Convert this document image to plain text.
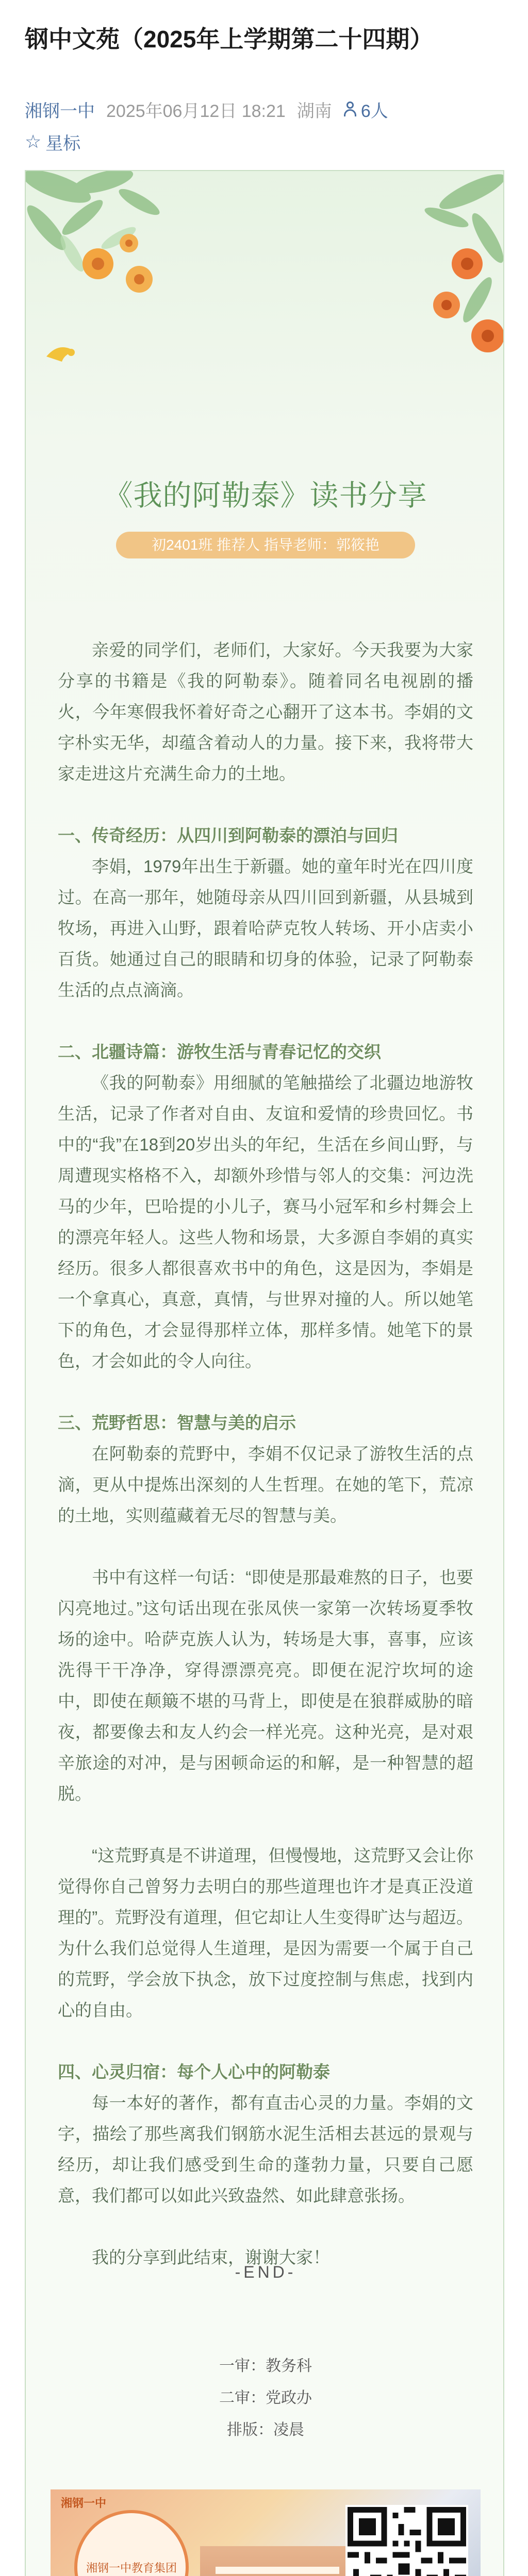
钢中文苑（2025年上学期第二十四期）
湘钢一中 2025年06月12日 18:21 湖南 6人
☆ 星标
《我的阿勒泰》读书分享
初2401班 推荐人 指导老师：郭筱艳

亲爱的同学们，老师们，大家好。今天我要为大家分享的书籍是《我的阿勒泰》。随着同名电视剧的播火，今年寒假我怀着好奇之心翻开了这本书。李娟的文字朴实无华，却蕴含着动人的力量。接下来，我将带大家走进这片充满生命力的土地。

一、传奇经历：从四川到阿勒泰的漂泊与回归

李娟，1979年出生于新疆。她的童年时光在四川度过。在高一那年，她随母亲从四川回到新疆，从县城到牧场，再进入山野，跟着哈萨克牧人转场、开小店卖小百货。她通过自己的眼睛和切身的体验，记录了阿勒泰生活的点点滴滴。

二、北疆诗篇：游牧生活与青春记忆的交织

《我的阿勒泰》用细腻的笔触描绘了北疆边地游牧生活，记录了作者对自由、友谊和爱情的珍贵回忆。书中的“我”在18到20岁出头的年纪，生活在乡间山野，与周遭现实格格不入，却额外珍惜与邻人的交集：河边洗马的少年，巴哈提的小儿子，赛马小冠军和乡村舞会上的漂亮年轻人。这些人物和场景，大多源自李娟的真实经历。很多人都很喜欢书中的角色，这是因为，李娟是一个拿真心，真意，真情，与世界对撞的人。所以她笔下的角色，才会显得那样立体，那样多情。她笔下的景色，才会如此的令人向往。

三、荒野哲思：智慧与美的启示

在阿勒泰的荒野中，李娟不仅记录了游牧生活的点滴，更从中提炼出深刻的人生哲理。在她的笔下，荒凉的土地，实则蕴藏着无尽的智慧与美。

书中有这样一句话：“即使是那最难熬的日子，也要闪亮地过。”这句话出现在张凤侠一家第一次转场夏季牧场的途中。哈萨克族人认为，转场是大事，喜事，应该洗得干干净净，穿得漂漂亮亮。即便在泥泞坎坷的途中，即使在颠簸不堪的马背上，即使是在狼群威胁的暗夜，都要像去和友人约会一样光亮。这种光亮，是对艰辛旅途的对冲，是与困顿命运的和解，是一种智慧的超脱。

“这荒野真是不讲道理，但慢慢地，这荒野又会让你觉得你自己曾努力去明白的那些道理也许才是真正没道理的”。荒野没有道理，但它却让人生变得旷达与超迈。为什么我们总觉得人生道理，是因为需要一个属于自己的荒野，学会放下执念，放下过度控制与焦虑，找到内心的自由。

四、心灵归宿：每个人心中的阿勒泰

每一本好的著作，都有直击心灵的力量。李娟的文字，描绘了那些离我们钢筋水泥生活相去甚远的景观与经历，却让我们感受到生命的蓬勃力量，只要自己愿意，我们都可以如此兴致盎然、如此肆意张扬。

我的分享到此结束，谢谢大家！

-END-
一审：教务科
二审：党政办
排版：凌晨
湘钢一中
湘钢一中教育集团
